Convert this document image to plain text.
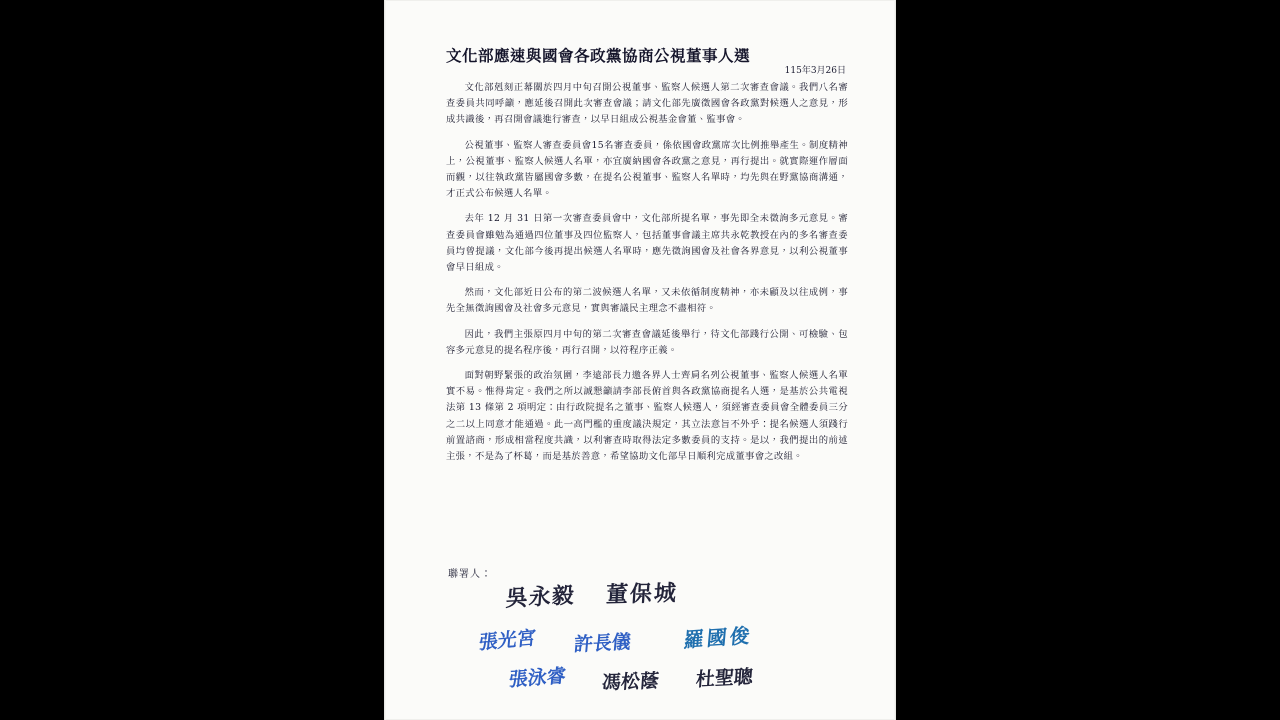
文化部應速與國會各政黨協商公視董事人選
115年3月26日

文化部剋刻正幕關於四月中旬召開公視董事、監察人候選人第二次審查會議。我們八名審查委員共同呼籲，應延後召開此次審查會議；請文化部先廣徵國會各政黨對候選人之意見，形成共識後，再召開會議進行審查，以早日組成公視基金會董、監事會。

公視董事、監察人審查委員會15名審查委員，係依國會政黨席次比例推舉產生。制度精神上，公視董事、監察人候選人名單，亦宜廣納國會各政黨之意見，再行提出。就實際運作層面而觀，以往執政黨皆屬國會多數，在提名公視董事、監察人名單時，均先與在野黨協商溝通，才正式公布候選人名單。

去年 12 月 31 日第一次審查委員會中，文化部所提名單，事先即全未徵詢多元意見。審查委員會雖勉為通過四位董事及四位監察人，包括董事會議主席共永乾教授在內的多名審查委員均曾提議，文化部今後再提出候選人名單時，應先徵詢國會及社會各界意見，以利公視董事會早日組成。

然而，文化部近日公布的第二波候選人名單，又未依循制度精神，亦未顧及以往成例，事先全無徵詢國會及社會多元意見，實與審議民主理念不盡相符。

因此，我們主張原四月中旬的第二次審查會議延後舉行，待文化部踐行公開、可檢驗、包容多元意見的提名程序後，再行召開，以符程序正義。

面對朝野緊張的政治氛圍，李遠部長力邀各界人士齊肩名列公視董事、監察人候選人名單實不易。惟得肯定。我們之所以誠懇籲請李部長俯首與各政黨協商提名人選，是基於公共電視法第 13 條第 2 項明定：由行政院提名之董事、監察人候選人，須經審查委員會全體委員三分之二以上同意才能通過。此一高門檻的重度議決規定，其立法意旨不外乎：提名候選人須踐行前置諮商，形成相當程度共識，以利審查時取得法定多數委員的支持。是以，我們提出的前述主張，不是為了杯葛，而是基於善意，希望協助文化部早日順利完成董事會之改組。

聯署人：
吳永毅 董保城
張光宮 許長儀	羅國俊
張泳睿 馮松蔭 杜聖聰
